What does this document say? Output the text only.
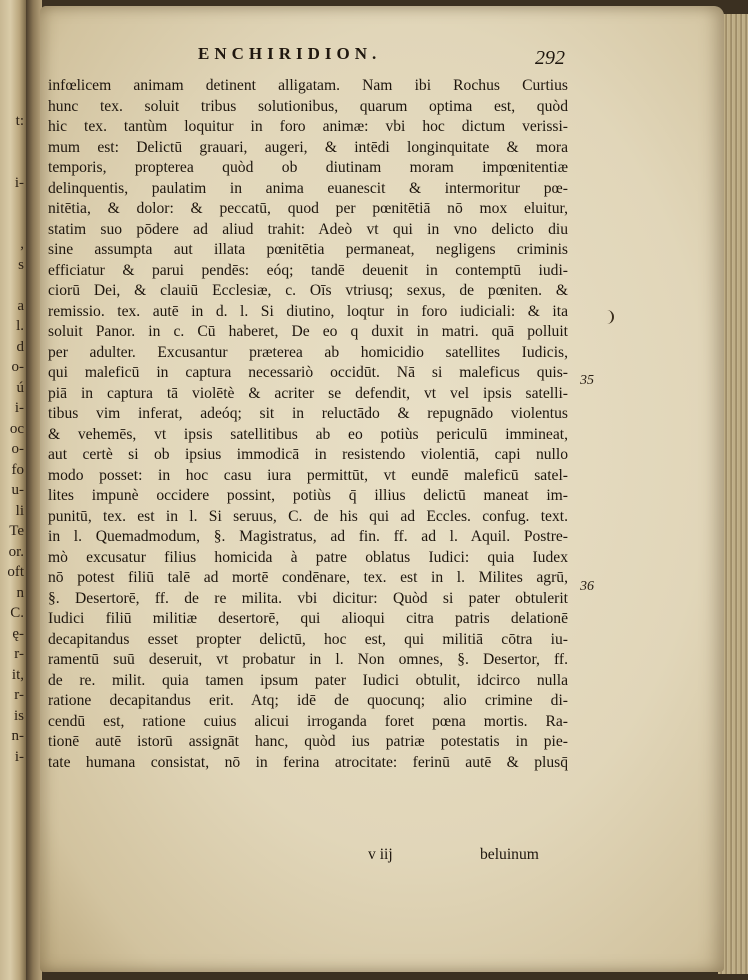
t:
i-
,
s
a
l.
d
o-
ú
i-
oc
o-
fo
u-
li
Te
or.
oft
n
C.
ę-
r-
it,
r-
is
n-
i-
ENCHIRIDION.	292
infœlicem animam detinent alligatam. Nam ibi Rochus Curtius
hunc tex. soluit tribus solutionibus, quarum optima est, quòd
hic tex. tantùm loquitur in foro animæ: vbi hoc dictum verissi-
mum est: Delictū grauari, augeri, & intēdi longinquitate & mora
temporis, propterea quòd ob diutinam moram impœnitentiæ
delinquentis, paulatim in anima euanescit & intermoritur pœ-
nitētia, & dolor: & peccatū, quod per pœnitētiā nō mox eluitur,
statim suo pōdere ad aliud trahit: Adeò vt qui in vno delicto diu
sine assumpta aut illata pœnitētia permaneat, negligens criminis
efficiatur & parui pendēs: eóq; tandē deuenit in contemptū iudi-
ciorū Dei, & clauiū Ecclesiæ, c. Oīs vtriusq; sexus, de pœniten. &
remissio. tex. autē in d. l. Si diutino, loqtur in foro iudiciali: & ita
soluit Panor. in c. Cū haberet, De eo q duxit in matri. quā polluit
per adulter. Excusantur præterea ab homicidio satellites Iudicis,
qui maleficū in captura necessariò occidūt. Nā si maleficus quis-
piā in captura tā violētè & acriter se defendit, vt vel ipsis satelli-
tibus vim inferat, adeóq; sit in reluctādo & repugnādo violentus
& vehemēs, vt ipsis satellitibus ab eo potiùs periculū immineat,
aut certè si ob ipsius immodicā in resistendo violentiā, capi nullo
modo posset: in hoc casu iura permittūt, vt eundē maleficū satel-
lites impunè occidere possint, potiùs q̄ illius delictū maneat im-
punitū, tex. est in l. Si seruus, C. de his qui ad Eccles. confug. text.
in l. Quemadmodum, §. Magistratus, ad fin. ff. ad l. Aquil. Postre-
mò excusatur filius homicida à patre oblatus Iudici: quia Iudex
nō potest filiū talē ad mortē condēnare, tex. est in l. Milites agrū,
§. Desertorē, ff. de re milita. vbi dicitur: Quòd si pater obtulerit
Iudici filiū militiæ desertorē, qui alioqui citra patris delationē
decapitandus esset propter delictū, hoc est, qui militiā cōtra iu-
ramentū suū deseruit, vt probatur in l. Non omnes, §. Desertor, ff.
de re. milit. quia tamen ipsum pater Iudici obtulit, idcirco nulla
ratione decapitandus erit. Atq; idē de quocunq; alio crimine di-
cendū est, ratione cuius alicui irroganda foret pœna mortis. Ra-
tionē autē istorū assignāt hanc, quòd ius patriæ potestatis in pie-
tate humana consistat, nō in ferina atrocitate: ferinū autē & plusq̄
35
36
v iij	beluinum
